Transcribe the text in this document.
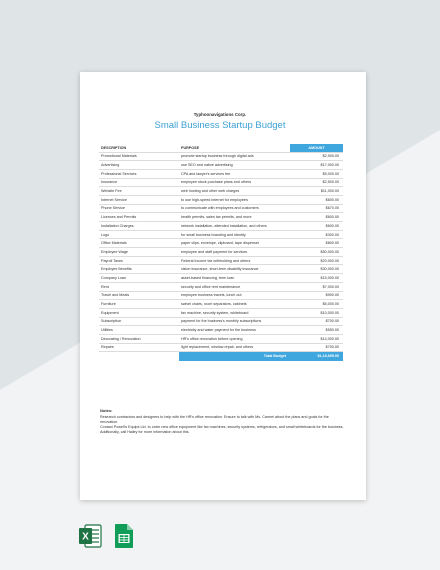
Typhoonavigations Corp.
Small Business Startup Budget
DESCRIPTION	PURPOSE	AMOUNT
Promotional Materials	promote startup business through digital ads	$2,900.00
Advertising	use SEO and native advertising	$17,000.00
Professional Services	CPA and lawyer's services fee	$5,000.00
Insurance	employee stock purchase plans and others	$2,500.00
Website Fee	web hosting and other web charges	$11,000.00
Internet Service	to use high-speed internet for employees	$600.00
Phone Service	to communicate with employees and customers	$670.00
Licences and Permits	health permits, sales tax permits, and more	$600.00
Installation Charges	network installation, attended installation, and others	$600.00
Logo	for small business branding and identity	$300.00
Office Materials	paper clips, envelope, clipboard, tape dispenser	$800.00
Employee Wage	employee and staff payment for services	$50,000.00
Payroll Taxes	Federal income tax withholding and others	$20,000.00
Employee Benefits	vision insurance, short-term disability insurance	$30,000.00
Company Loan	asset-based financing, term loan	$15,000.00
Rent	security and office rent maintenance	$7,000.00
Travel and Meals	employee business travels, lunch out	$900.00
Furniture	swivel chairs, room separators, cabinets	$5,000.00
Equipment	fax machine, security system, whiteboard	$10,000.00
Subscription	payment for the business's monthly subscriptions	$700.00
Utilities	electricity and water payment for the business	$550.00
Decorating / Renovation	HR's office renovation before opening	$14,000.00
Repairs	light replacement, window repair, and others	$700.00
	Total Budget	$1,18,659.00
Notes:
Research contractors and designers to help with the HR's office renovation. Ensure to talk with Ms. Carmel about the plans and goals for the renovation.
Contact Powell's Equips Ltd. to order new office equipment like fax machines, security systems, refrigerators, and small whiteboards for the business. Additionally, call Hailey for more information about this.
X
